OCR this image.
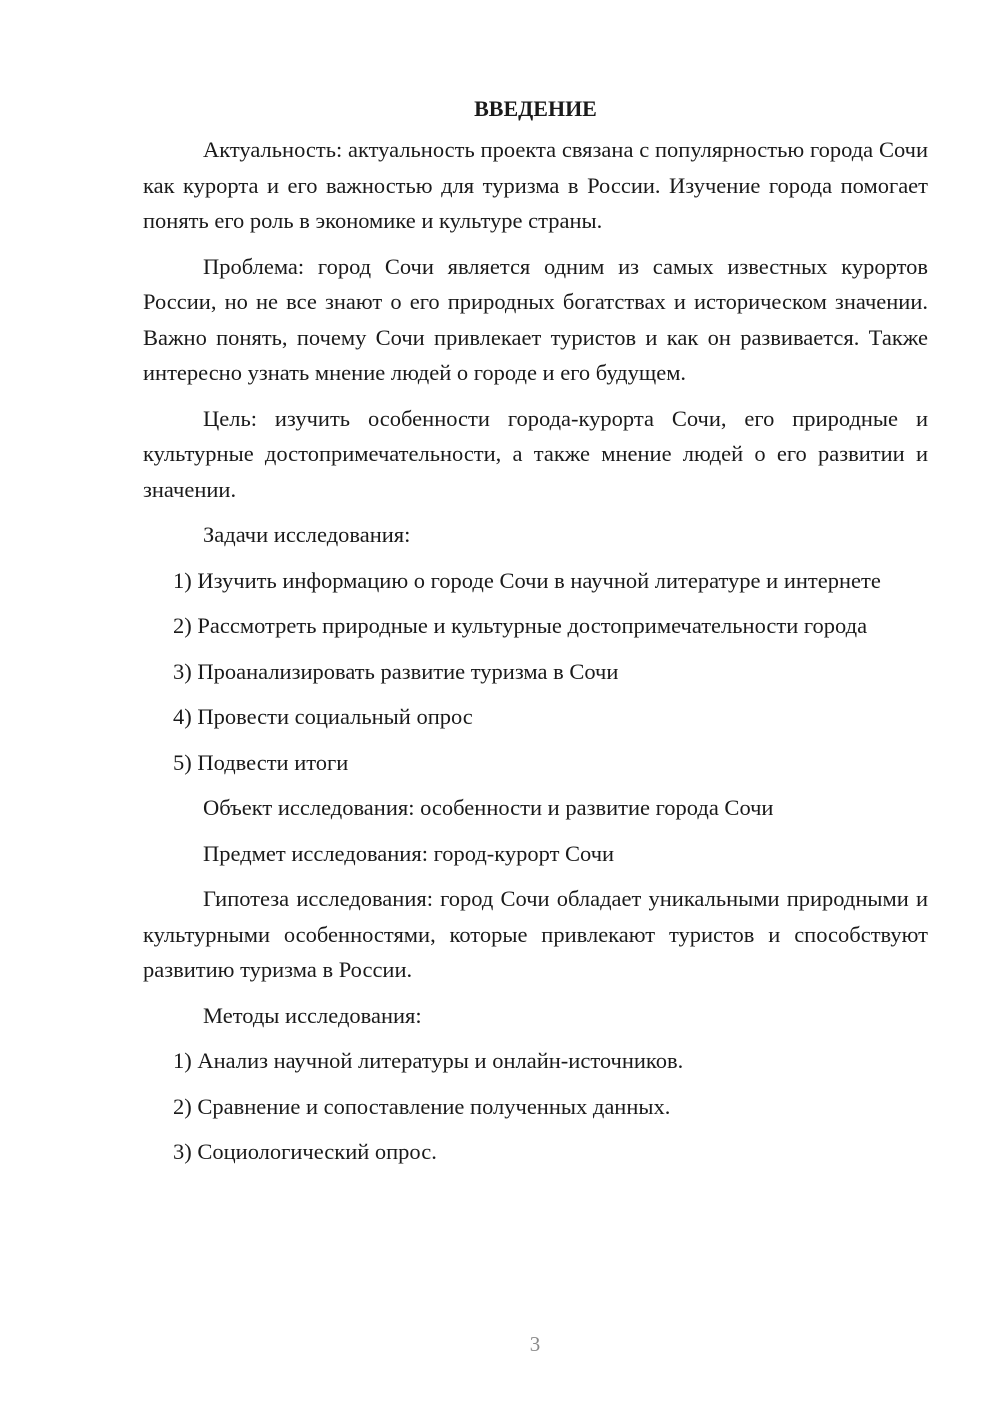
ВВЕДЕНИЕ

Актуальность: актуальность проекта связана с популярностью города Сочи как курорта и его важностью для туризма в России. Изучение города помогает понять его роль в экономике и культуре страны.

Проблема: город Сочи является одним из самых известных курортов России, но не все знают о его природных богатствах и историческом значении. Важно понять, почему Сочи привлекает туристов и как он развивается. Также интересно узнать мнение людей о городе и его будущем.

Цель: изучить особенности города-курорта Сочи, его природные и культурные достопримечательности, а также мнение людей о его развитии и значении.

Задачи исследования:

1) Изучить информацию о городе Сочи в научной литературе и интернете

2) Рассмотреть природные и культурные достопримечательности города

3) Проанализировать развитие туризма в Сочи

4) Провести социальный опрос

5) Подвести итоги

Объект исследования: особенности и развитие города Сочи

Предмет исследования: город-курорт Сочи

Гипотеза исследования: город Сочи обладает уникальными природными и культурными особенностями, которые привлекают туристов и способствуют развитию туризма в России.

Методы исследования:

1) Анализ научной литературы и онлайн-источников.

2) Сравнение и сопоставление полученных данных.

3) Социологический опрос.

3
